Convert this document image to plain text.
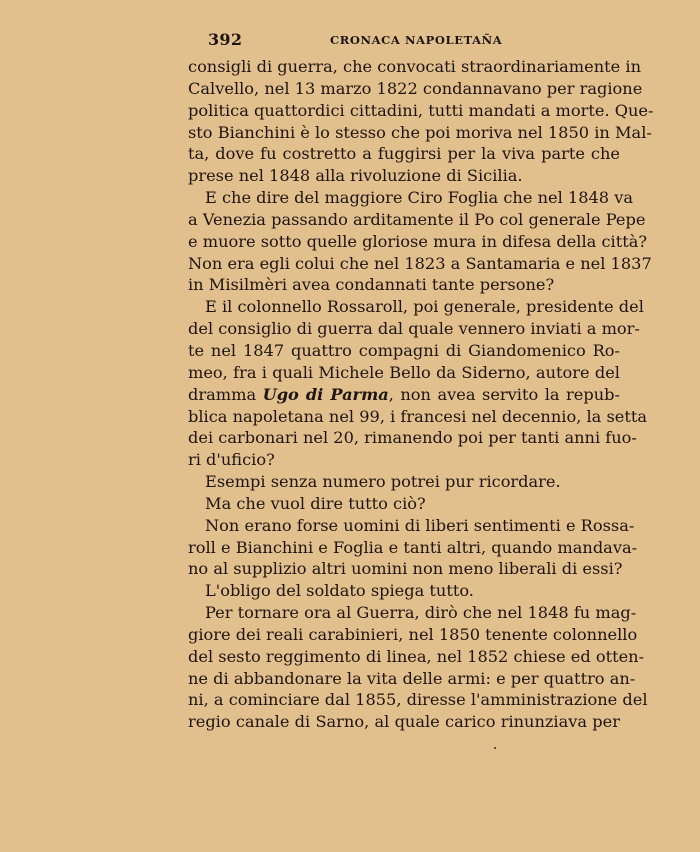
392	CRONACA NAPOLETAÑA
consigli di guerra, che convocati straordinariamente in
Calvello, nel 13 marzo 1822 condannavano per ragione
politica quattordici cittadini, tutti mandati a morte. Que-
sto Bianchini è lo stesso che poi moriva nel 1850 in Mal-
ta, dove fu costretto a fuggirsi per la viva parte che
prese nel 1848 alla rivoluzione di Sicilia.
E che dire del maggiore Ciro Foglia che nel 1848 va
a Venezia passando arditamente il Po col generale Pepe
e muore sotto quelle gloriose mura in difesa della città?
Non era egli colui che nel 1823 a Santamaria e nel 1837
in Misilmèri avea condannati tante persone?
E il colonnello Rossaroll, poi generale, presidente del
del consiglio di guerra dal quale vennero inviati a mor-
te nel 1847 quattro compagni di Giandomenico Ro-
meo, fra i quali Michele Bello da Siderno, autore del
dramma Ugo di Parma, non avea servito la repub-
blica napoletana nel 99, i francesi nel decennio, la setta
dei carbonari nel 20, rimanendo poi per tanti anni fuo-
ri d'uficio?
Esempi senza numero potrei pur ricordare.
Ma che vuol dire tutto ciò?
Non erano forse uomini di liberi sentimenti e Rossa-
roll e Bianchini e Foglia e tanti altri, quando mandava-
no al supplizio altri uomini non meno liberali di essi?
L'obligo del soldato spiega tutto.
Per tornare ora al Guerra, dirò che nel 1848 fu mag-
giore dei reali carabinieri, nel 1850 tenente colonnello
del sesto reggimento di linea, nel 1852 chiese ed otten-
ne di abbandonare la vita delle armi: e per quattro an-
ni, a cominciare dal 1855, diresse l'amministrazione del
regio canale di Sarno, al quale carico rinunziava per
